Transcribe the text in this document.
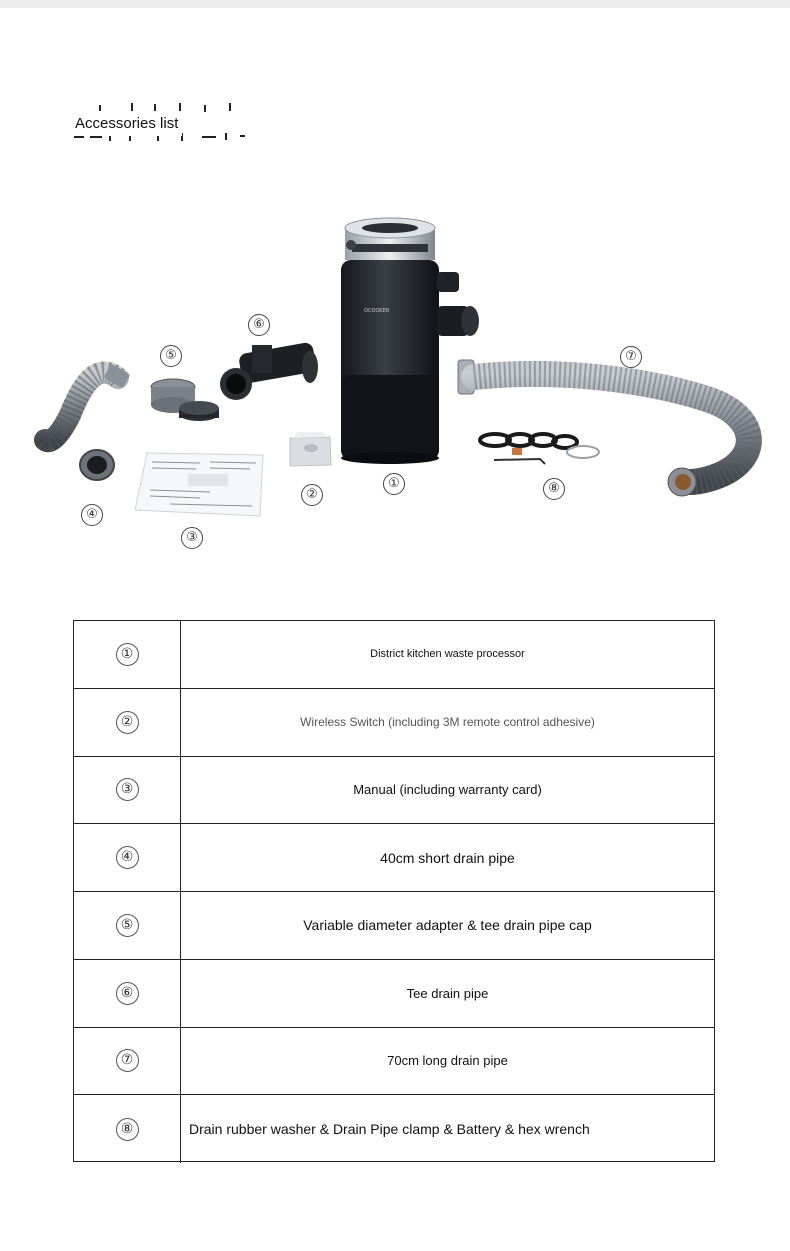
Accessories list
OCOOKER
①
②
③
④
⑤
⑥
⑦
⑧
①	District kitchen waste processor
②	Wireless Switch (including 3M remote control adhesive)
③	Manual (including warranty card)
④	40cm short drain pipe
⑤	Variable diameter adapter & tee drain pipe cap
⑥	Tee drain pipe
⑦	70cm long drain pipe
⑧	Drain rubber washer & Drain Pipe clamp & Battery & hex wrench
